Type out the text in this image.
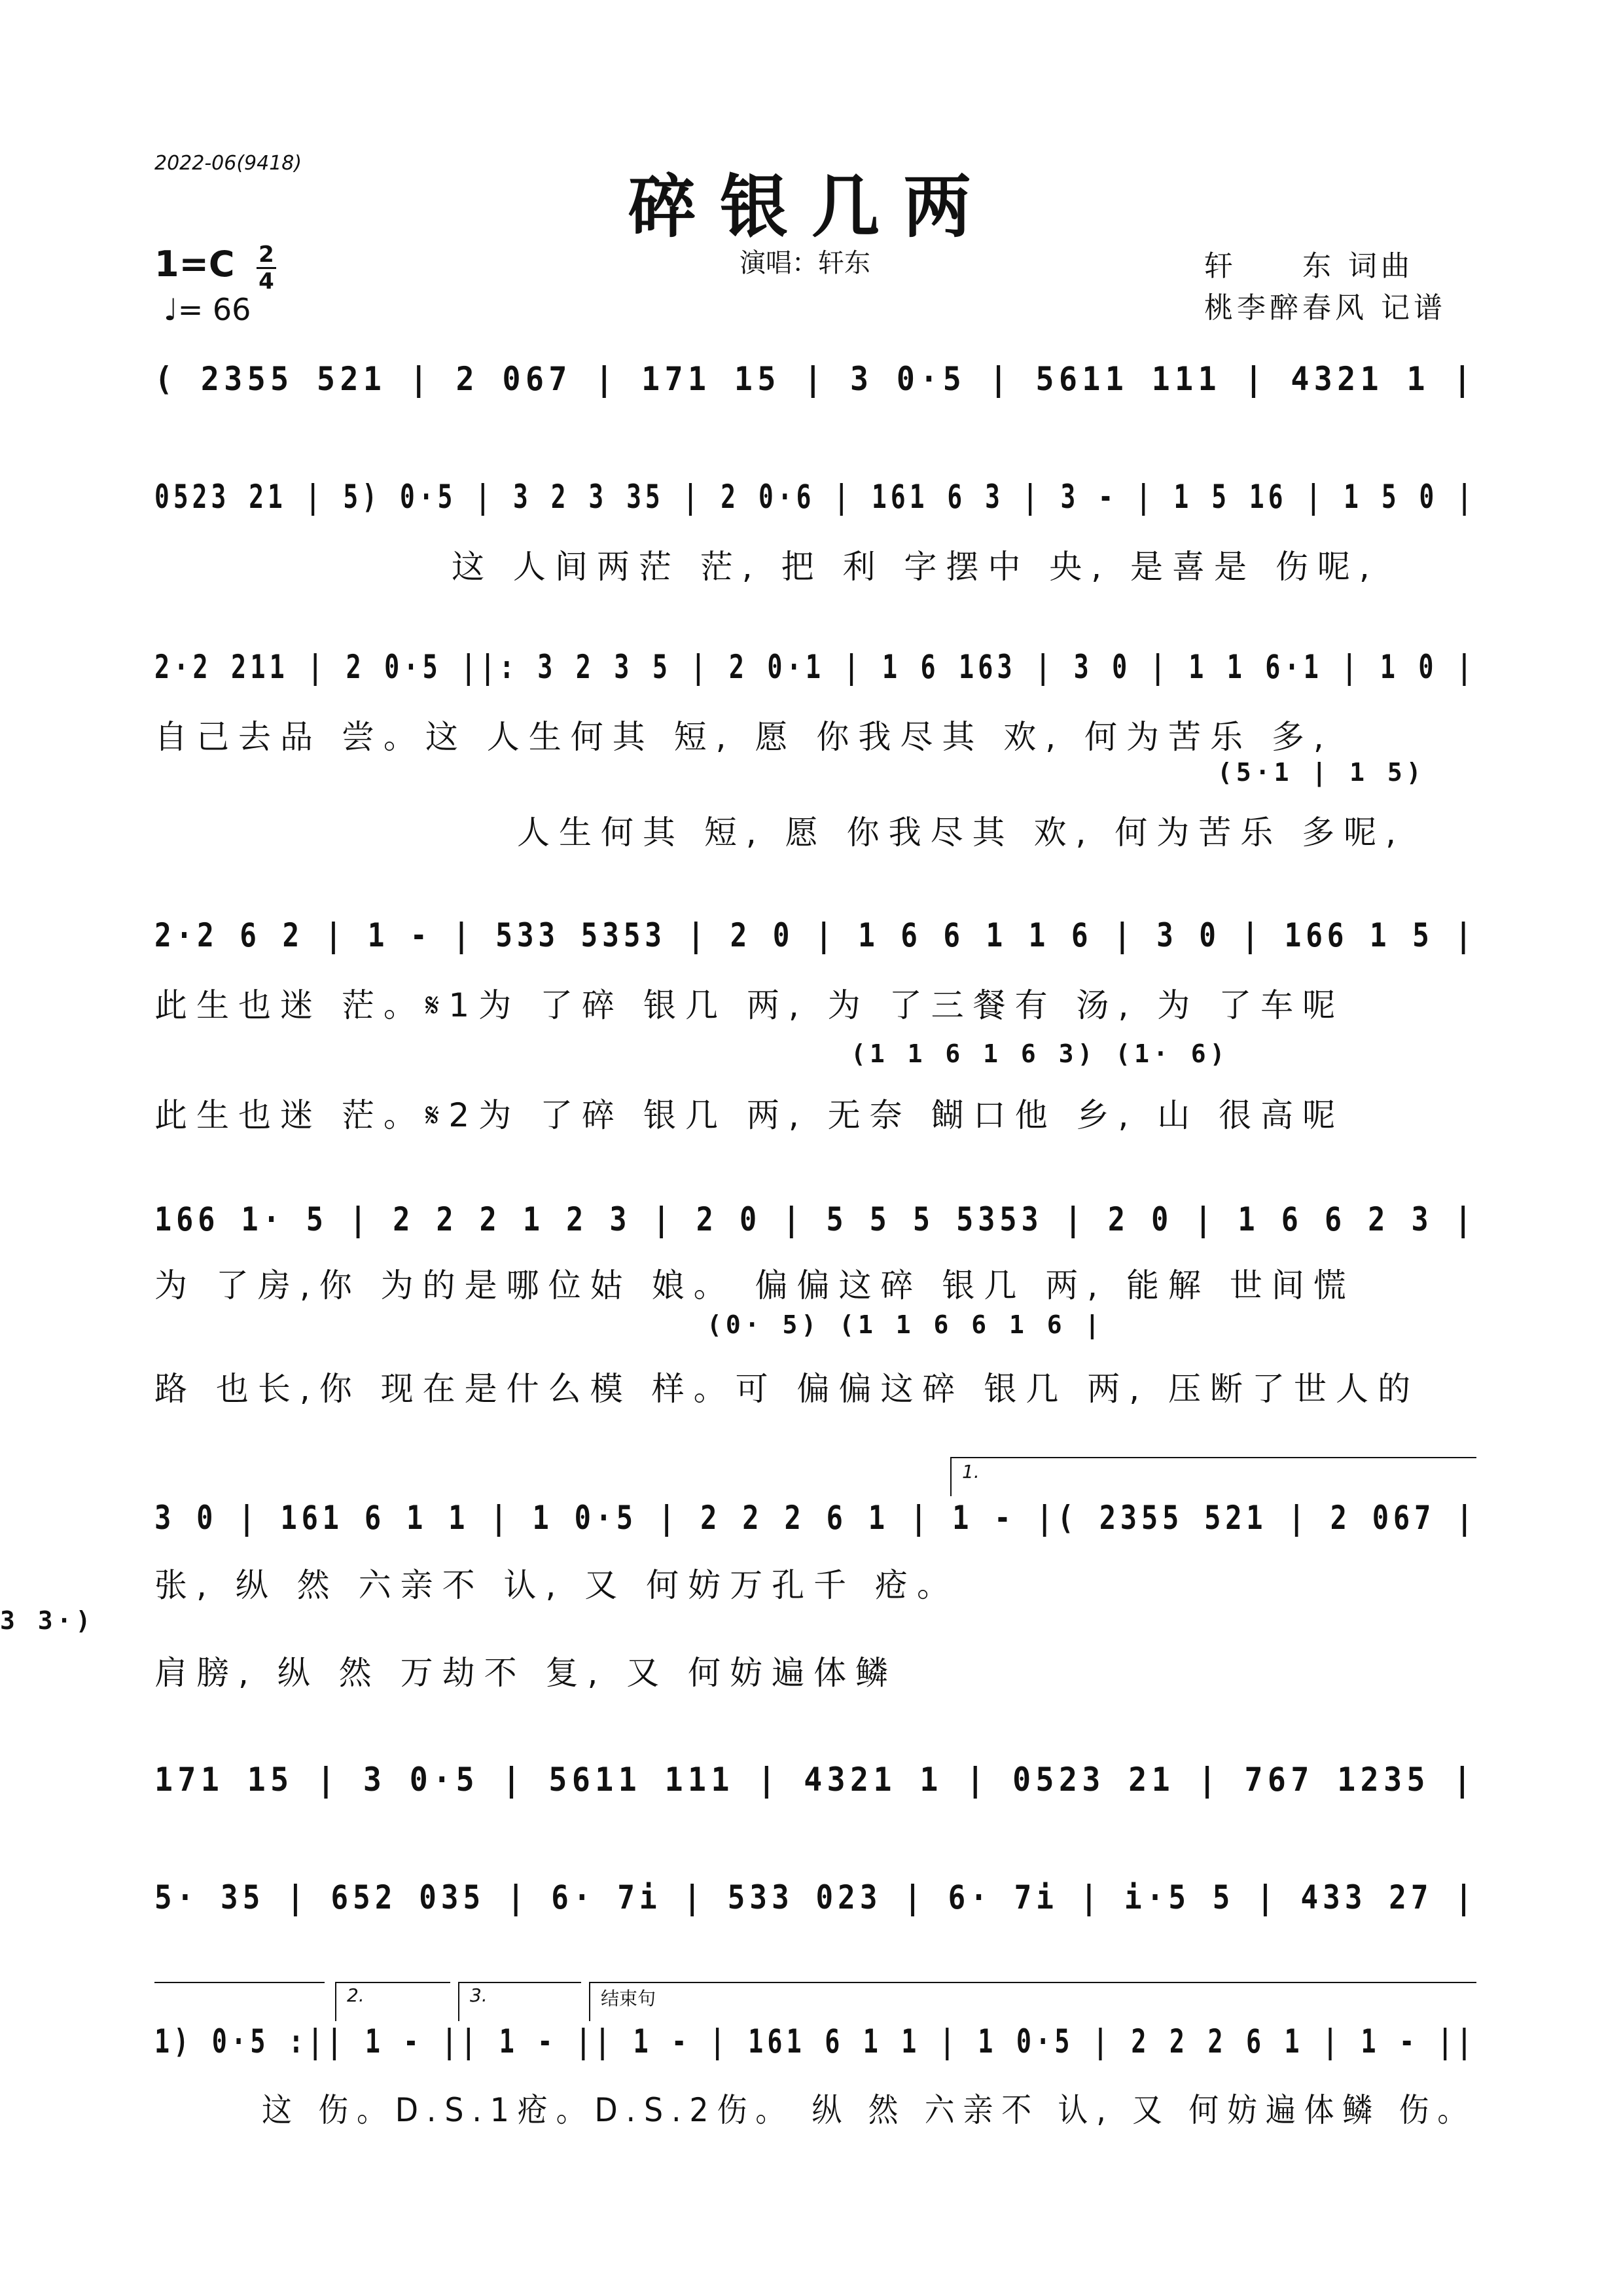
2022-06(9418)
碎银几两
1=C 2
4
♩= 66
演唱：轩东	轩　　东 词曲
桃李醉春风 记谱
( 2355 521 | 2 067 | 171 15 | 3 0·5 | 5611 111 | 4321 1 |
0523 21 | 5) 0·5 | 3 2 3 35 | 2 0·6 | 161 6 3 | 3 - | 1 5 16 | 1 5 0 |
这 人间两茫 茫, 把 利 字摆中 央, 是喜是 伤呢,
2·2 211 | 2 0·5 ||: 3 2 3 5 | 2 0·1 | 1 6 163 | 3 0 | 1 1 6·1 | 1 0 |
自己去品 尝。这 人生何其 短, 愿 你我尽其 欢, 何为苦乐 多,
(5·1 | 1 5)
人生何其 短, 愿 你我尽其 欢, 何为苦乐 多呢,
2·2 6 2 | 1 - | 533 5353 | 2 0 | 1 6 6 1 1 6 | 3 0 | 166 1 5 |
此生也迷 茫。𝄋1为 了碎 银几 两, 为 了三餐有 汤, 为 了车呢
(1 1 6 1 6 3) (1· 6)
此生也迷 茫。𝄋2为 了碎 银几 两, 无奈 餬口他 乡, 山 很高呢
166 1· 5 | 2 2 2 1 2 3 | 2 0 | 5 5 5 5353 | 2 0 | 1 6 6 2 3 |
为 了房,你 为的是哪位姑 娘。 偏偏这碎 银几 两, 能解 世间慌
(0· 5) (1 1 6 6 1 6 |
路 也长,你 现在是什么模 样。可 偏偏这碎 银几 两, 压断了世人的
1.
3 0 | 161 6 1 1 | 1 0·5 | 2 2 2 6 1 | 1 - |( 2355 521 | 2 067 |
张, 纵 然 六亲不 认, 又 何妨万孔千 疮。
3 3·)
肩膀, 纵 然 万劫不 复, 又 何妨遍体鳞
171 15 | 3 0·5 | 5611 111 | 4321 1 | 0523 21 | 767 1235 |
5· 35 | 652 035 | 6· 7i | 533 023 | 6· 7i | i·5 5 | 433 27 |
2.	3.	结束句
1) 0·5 :|| 1 - || 1 - || 1 - | 161 6 1 1 | 1 0·5 | 2 2 2 6 1 | 1 - ||
这 伤。D.S.1疮。D.S.2伤。 纵 然 六亲不 认, 又 何妨遍体鳞 伤。
